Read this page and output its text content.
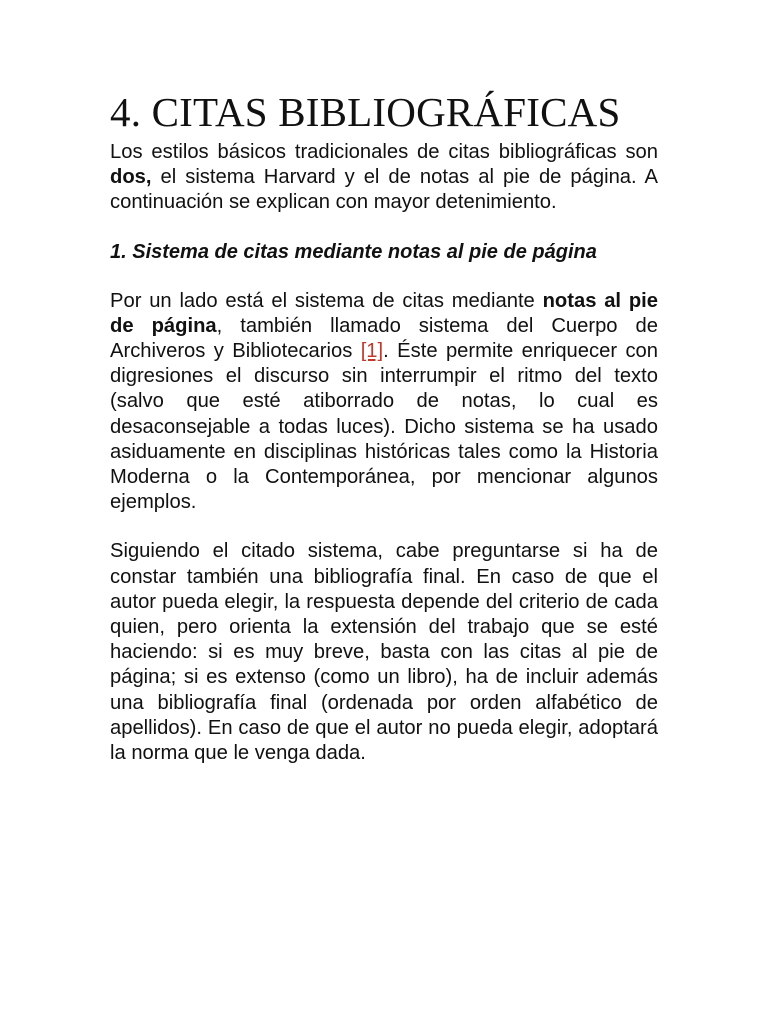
4. CITAS BIBLIOGRÁFICAS

Los estilos básicos tradicionales de citas bibliográficas son dos, el sistema Harvard y el de notas al pie de página. A continuación se explican con mayor detenimiento.

1. Sistema de citas mediante notas al pie de página

Por un lado está el sistema de citas mediante notas al pie de página, también llamado sistema del Cuerpo de Archiveros y Bibliotecarios [1]. Éste permite enriquecer con digresiones el discurso sin interrumpir el ritmo del texto (salvo que esté atiborrado de notas, lo cual es desaconsejable a todas luces). Dicho sistema se ha usado asiduamente en disciplinas históricas tales como la Historia Moderna o la Contemporánea, por mencionar algunos ejemplos.

Siguiendo el citado sistema, cabe preguntarse si ha de constar también una bibliografía final. En caso de que el autor pueda elegir, la respuesta depende del criterio de cada quien, pero orienta la extensión del trabajo que se esté haciendo: si es muy breve, basta con las citas al pie de página; si es extenso (como un libro), ha de incluir además una bibliografía final (ordenada por orden alfabético de apellidos). En caso de que el autor no pueda elegir, adoptará la norma que le venga dada.
